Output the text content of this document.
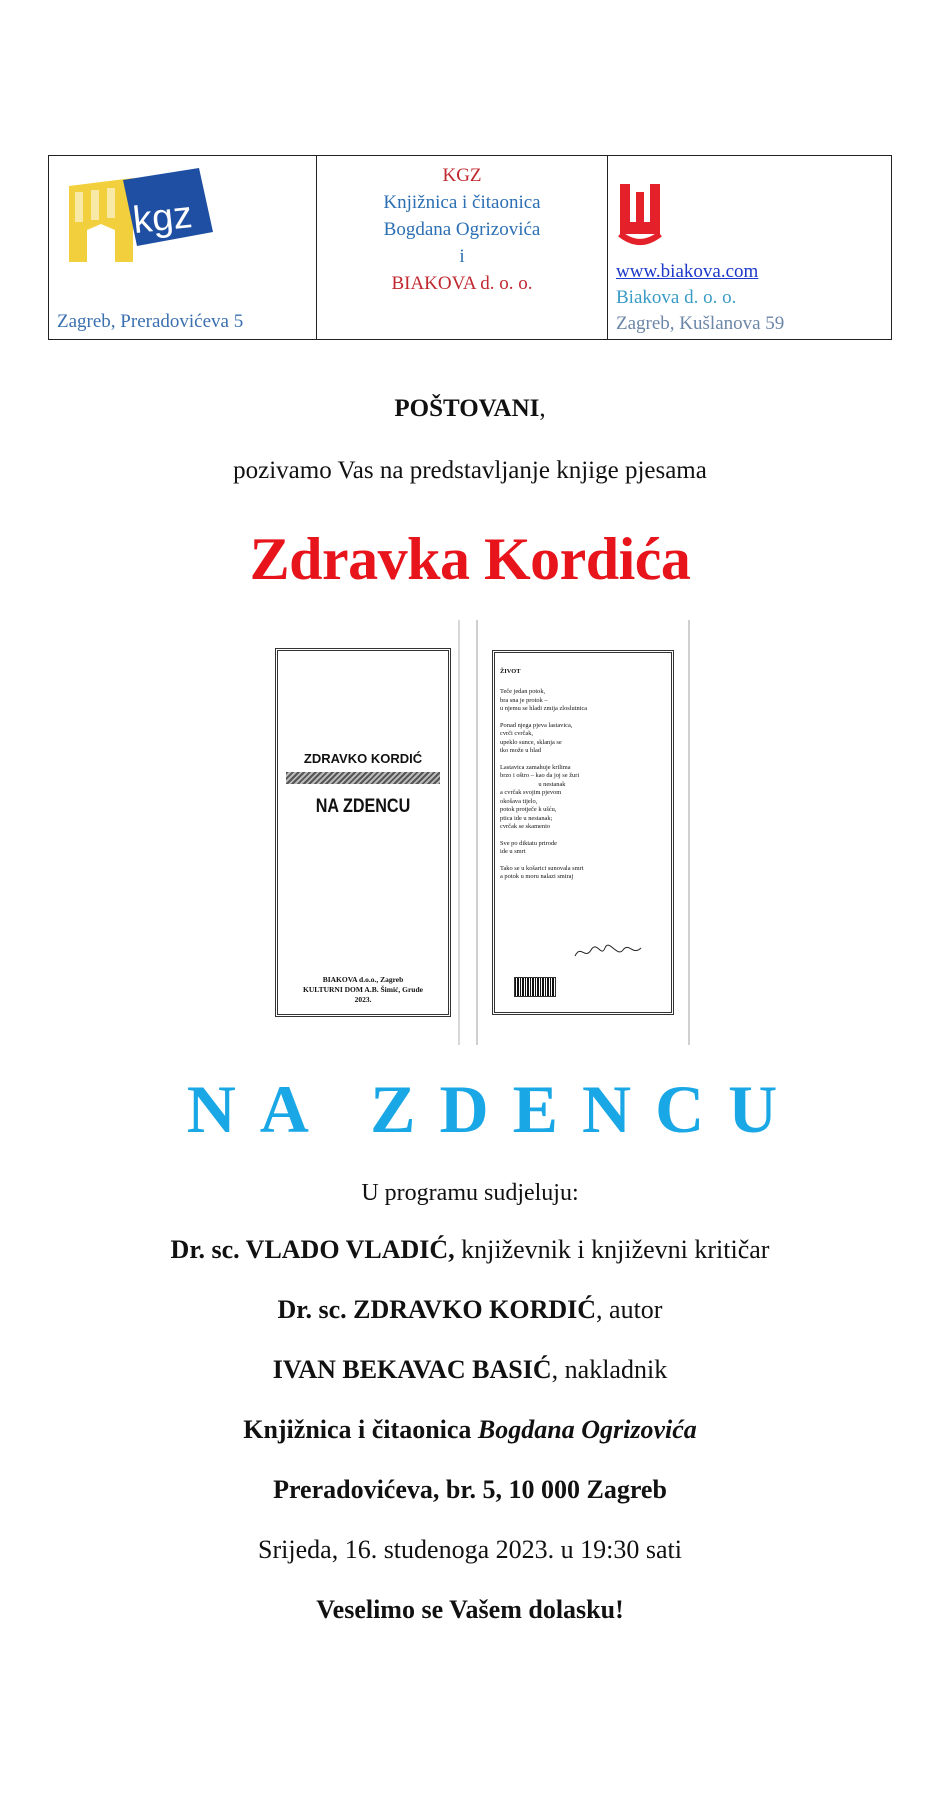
kgz
Zagreb, Preradovićeva 5
KGZ
Knjižnica i čitaonica
Bogdana Ogrizovića
i
BIAKOVA d. o. o.
www.biakova.com
Biakova d. o. o.
Zagreb, Kušlanova 59
POŠTOVANI,
pozivamo Vas na predstavljanje knjige pjesama
Zdravka Kordića
ZDRAVKO KORDIĆ
NA ZDENCU
BIAKOVA d.o.o., Zagreb
KULTURNI DOM A.B. Šimić, Grude
2023.
ŽIVOT
Teče jedan potok,
bra sna je protok –
u njemu se hladi zmija zloslutnica

Ponad njega pjeva lastavica,
cvrči cvrčak,
upeklo sunce, sklanja se
tko može u hlad

Lastavica zamahuje krilima
brzo i oštro – kao da joj se žuri
u nestanak
a cvrčak svojim pjevom
okošava tijelo,
potok protječe k ušću,
ptica ide u nestanak;
cvrčak se skamenio

Sve po diktatu prirode
ide u smrt

Tako se u košarici sunovala smrt
a potok u moru nalazi smiraj
NA ZDENCU
U programu sudjeluju:
Dr. sc. VLADO VLADIĆ, književnik i književni kritičar
Dr. sc. ZDRAVKO KORDIĆ, autor
IVAN BEKAVAC BASIĆ, nakladnik
Knjižnica i čitaonica Bogdana Ogrizovića
Preradovićeva, br. 5, 10 000 Zagreb
Srijeda, 16. studenoga 2023. u 19:30 sati
Veselimo se Vašem dolasku!
